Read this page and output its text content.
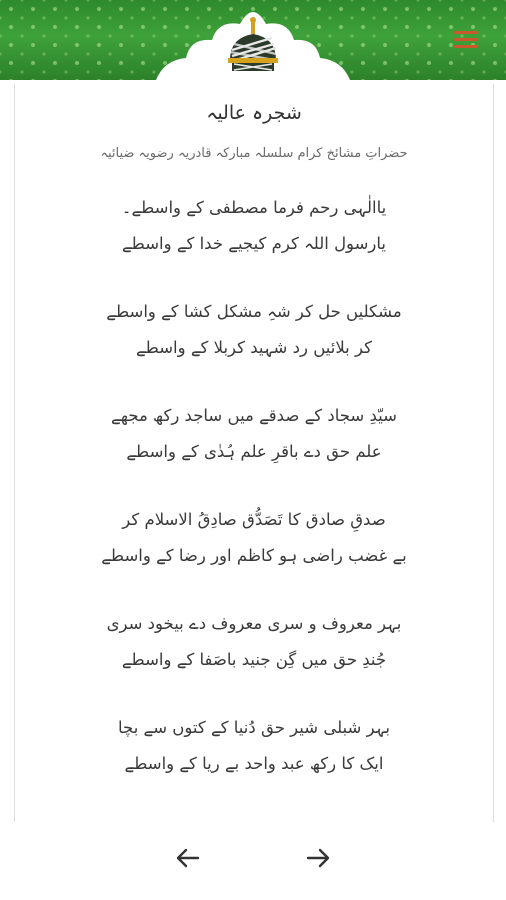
شجرہ عالیہ
حضراتِ مشائخ کرام سلسلہ مبارکہ قادریہ رضویہ ضیائیہ
یاالٰہی رحم فرما مصطفی کے واسطے۔
یارسول اللہ کرم کیجیے خدا کے واسطے
مشکلیں حل کر شہِ مشکل کشا کے واسطے
کر بلائیں رد شہید کربلا کے واسطے
سیّدِ سجاد کے صدقے میں ساجد رکھ مجھے
علم حق دے باقرِ علم ہُدٰی کے واسطے
صدقِ صادق کا تَصَدُّق صادِقُ الاسلام کر
بے غضب راضی ہو کاظم اور رضا کے واسطے
بہر معروف و سری معروف دے بیخود سری
جُندِ حق میں گِن جنید باصَفا کے واسطے
بہر شبلی شیر حق دُنیا کے کتوں سے بچا
ایک کا رکھ عبد واحد بے ریا کے واسطے
